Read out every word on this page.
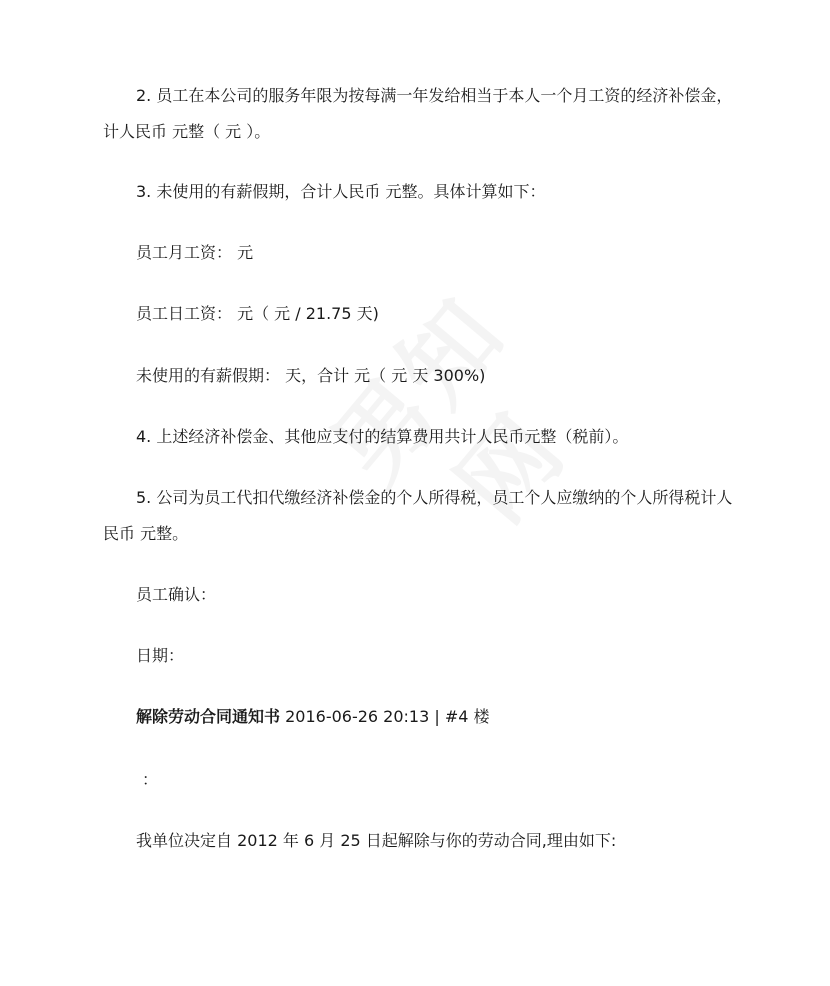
2. 员工在本公司的服务年限为按每满一年发给相当于本人一个月工资的经济补偿金，
计人民币 元整（ 元 ）。
3. 未使用的有薪假期，合计人民币 元整。具体计算如下：
员工月工资： 元
员工日工资： 元（ 元 / 21.75 天)
未使用的有薪假期： 天，合计 元（ 元 天 300%)
4. 上述经济补偿金、其他应支付的结算费用共计人民币元整（税前）。
5. 公司为员工代扣代缴经济补偿金的个人所得税，员工个人应缴纳的个人所得税计人
民币 元整。
员工确认：
日期：
解除劳动合同通知书 2016-06-26 20:13 | #4 楼
：
我单位决定自 2012 年 6 月 25 日起解除与你的劳动合同,理由如下:
